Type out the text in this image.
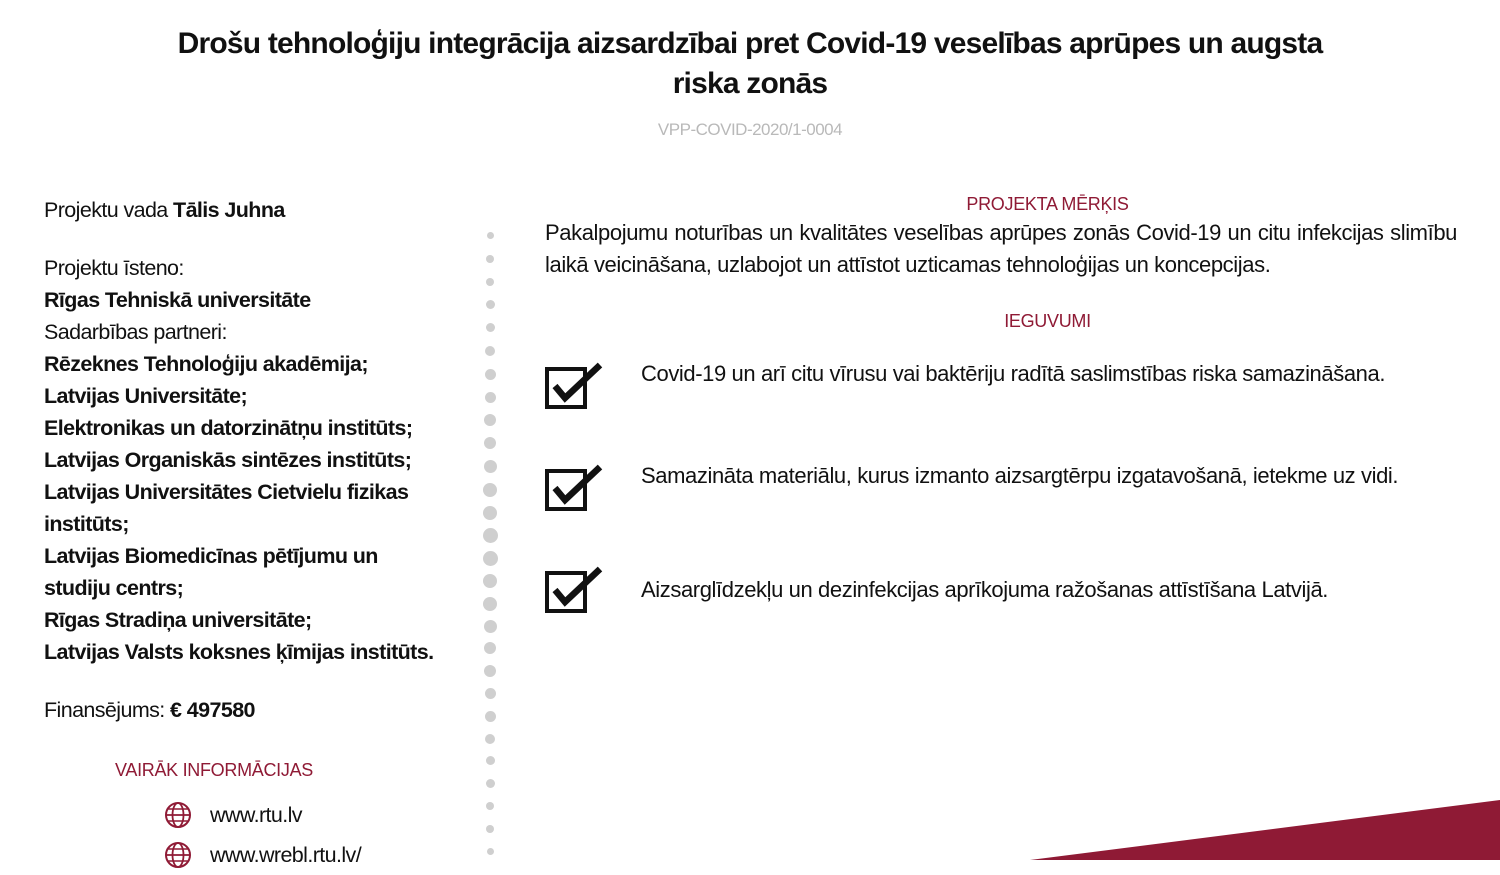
Drošu tehnoloģiju integrācija aizsardzībai pret Covid-19 veselības aprūpes un augsta
riska zonās
VPP-COVID-2020/1-0004
Projektu vada Tālis Juhna
Projektu īsteno:
Rīgas Tehniskā universitāte
Sadarbības partneri:
Rēzeknes Tehnoloģiju akadēmija;
Latvijas Universitāte;
Elektronikas un datorzinātņu institūts;
Latvijas Organiskās sintēzes institūts;
Latvijas Universitātes Cietvielu fizikas
institūts;
Latvijas Biomedicīnas pētījumu un
studiju centrs;
Rīgas Stradiņa universitāte;
Latvijas Valsts koksnes ķīmijas institūts.
Finansējums: € 497580
VAIRĀK INFORMĀCIJAS
www.rtu.lv
www.wrebl.rtu.lv/
PROJEKTA MĒRĶIS
Pakalpojumu noturības un kvalitātes veselības aprūpes zonās Covid-19 un citu infekcijas slimību laikā veicināšana, uzlabojot un attīstot uzticamas tehnoloģijas un koncepcijas.
IEGUVUMI
Covid-19 un arī citu vīrusu vai baktēriju radītā saslimstības riska samazināšana.
Samazināta materiālu, kurus izmanto aizsargtērpu izgatavošanā, ietekme uz vidi.
Aizsarglīdzekļu un dezinfekcijas aprīkojuma ražošanas attīstīšana Latvijā.
